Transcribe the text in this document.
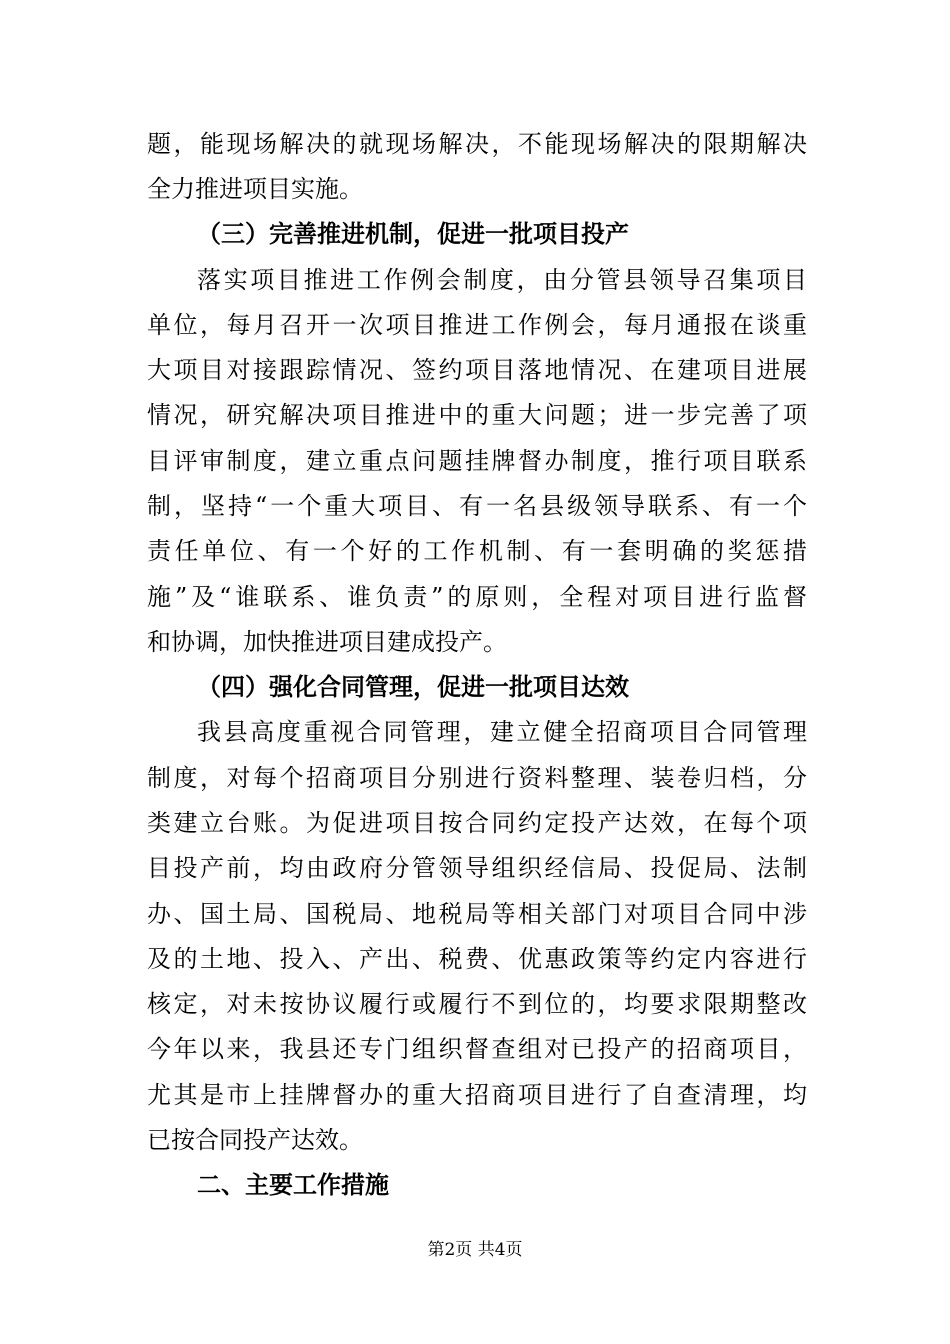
题，能现场解决的就现场解决，不能现场解决的限期解决
全力推进项目实施。
（三）完善推进机制，促进一批项目投产
落实项目推进工作例会制度，由分管县领导召集项目
单位，每月召开一次项目推进工作例会，每月通报在谈重
大项目对接跟踪情况、签约项目落地情况、在建项目进展
情况，研究解决项目推进中的重大问题；进一步完善了项
目评审制度，建立重点问题挂牌督办制度，推行项目联系
制，坚持“一个重大项目、有一名县级领导联系、有一个
责任单位、有一个好的工作机制、有一套明确的奖惩措
施”及“谁联系、谁负责”的原则，全程对项目进行监督
和协调，加快推进项目建成投产。
（四）强化合同管理，促进一批项目达效
我县高度重视合同管理，建立健全招商项目合同管理
制度，对每个招商项目分别进行资料整理、装卷归档，分
类建立台账。为促进项目按合同约定投产达效，在每个项
目投产前，均由政府分管领导组织经信局、投促局、法制
办、国土局、国税局、地税局等相关部门对项目合同中涉
及的土地、投入、产出、税费、优惠政策等约定内容进行
核定，对未按协议履行或履行不到位的，均要求限期整改
今年以来，我县还专门组织督查组对已投产的招商项目，
尤其是市上挂牌督办的重大招商项目进行了自查清理，均
已按合同投产达效。
二、主要工作措施
第2页 共4页
